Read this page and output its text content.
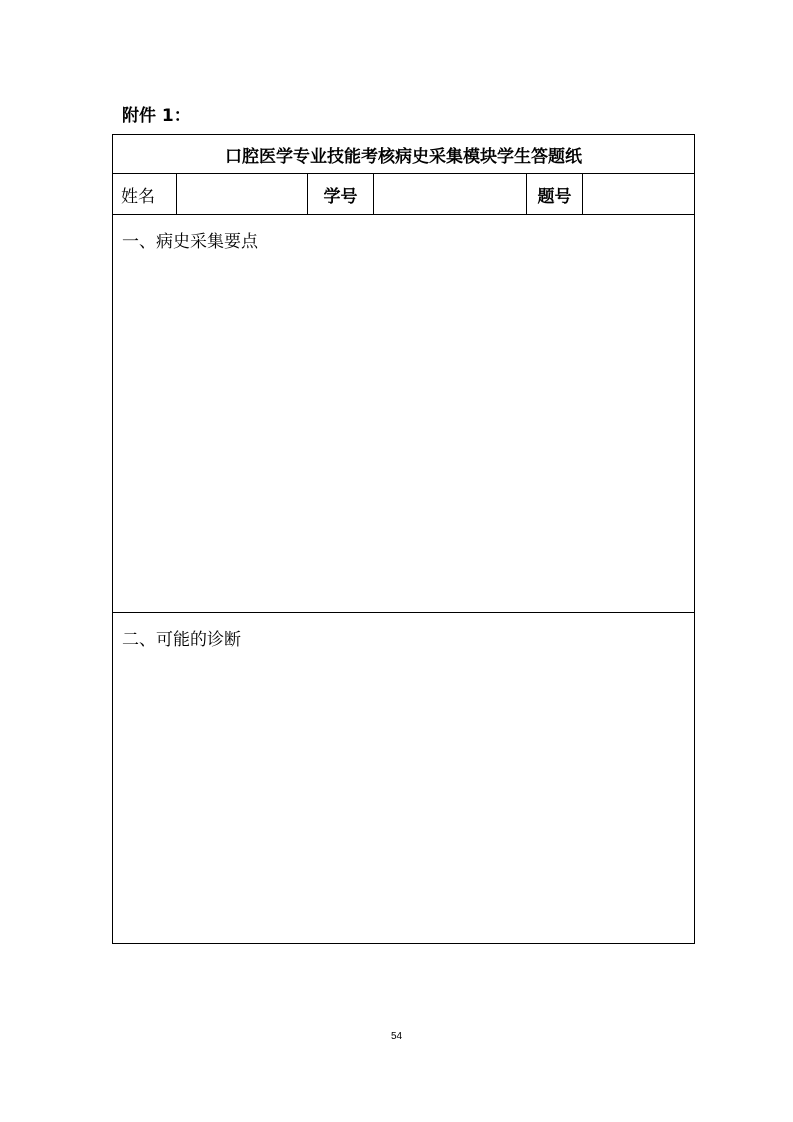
附件 1：
口腔医学专业技能考核病史采集模块学生答题纸
姓名	学号	题号
一、病史采集要点
二、可能的诊断
54
